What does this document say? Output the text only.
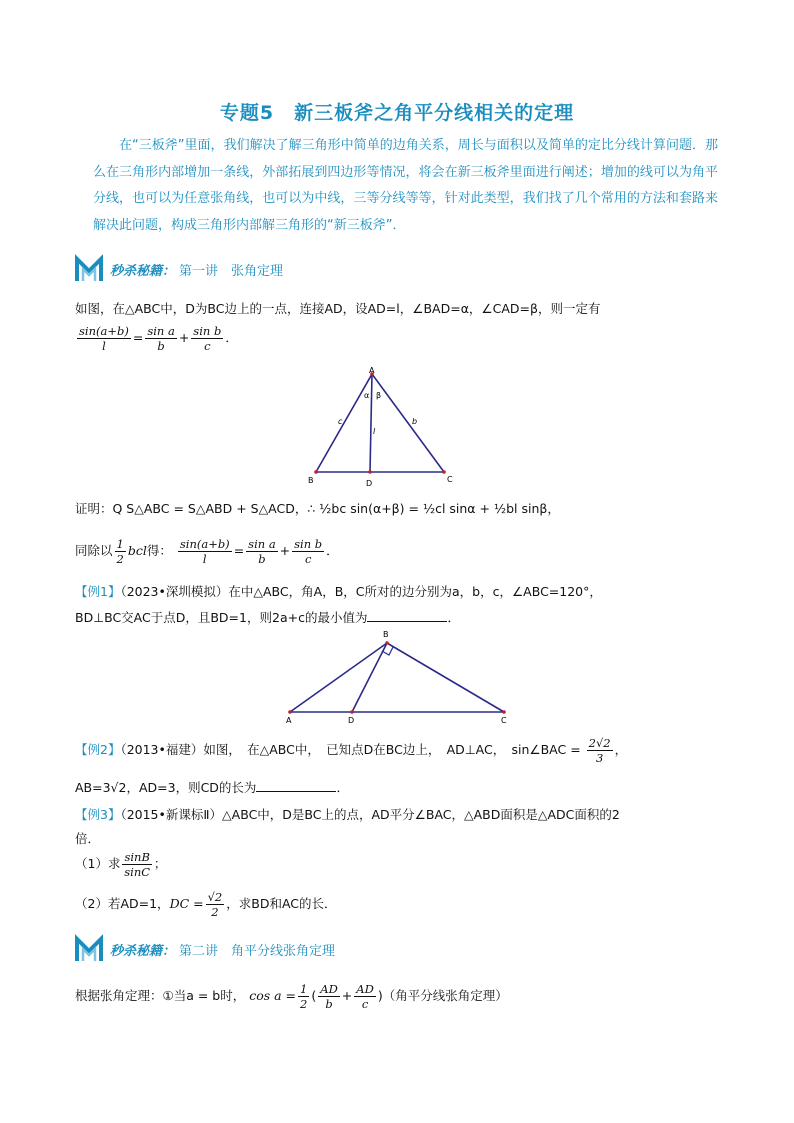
专题5　新三板斧之角平分线相关的定理
在“三板斧”里面，我们解决了解三角形中简单的边角关系，周长与面积以及简单的定比分线计算问题．那么在三角形内部增加一条线，外部拓展到四边形等情况，将会在新三板斧里面进行阐述；增加的线可以为角平分线，也可以为任意张角线，也可以为中线，三等分线等等，针对此类型，我们找了几个常用的方法和套路来解决此问题，构成三角形内部解三角形的“新三板斧”．
秒杀秘籍： 第一讲　张角定理
如图，在△ABC中，D为BC边上的一点，连接AD，设AD=l，∠BAD=α，∠CAD=β，则一定有
$\frac{\sin(a+b)}{l} = \frac{\text{sin a}}{b} + \frac{\text{sin b}}{c}$ ．
A
B	C
D
α β
c	b
l
证明：Q S△ABC = S△ABD + S△ACD，∴ ½bc sin(α+β) = ½cl sinα + ½bl sinβ，
同除以 $\frac{1}{2}$ bcl得： $\frac{\sin(a+b)}{l} = \frac{\text{sin a}}{b} + \frac{\text{sin b}}{c}$ ．
【例1】（2023•深圳模拟）在中△ABC，角A，B，C所对的边分别为a，b，c，∠ABC=120°，
BD⊥BC交AC于点D，且BD=1，则2a+c的最小值为	．
B
A	D	C
【例2】（2013•福建）如图，　在△ABC中，　已知点D在BC边上，　AD⊥AC，　sin∠BAC = $\frac{2√2}{3}$ ，
AB=3√2，AD=3，则CD的长为	．
【例3】（2015•新课标Ⅱ）△ABC中，D是BC上的点，AD平分∠BAC，△ABD面积是△ADC面积的2
倍．
（1）求 $\frac{\sin B}{\sin C}$ ；
（2）若AD=1，DC = $\frac{√2}{2}$ ，求BD和AC的长．
秒杀秘籍： 第二讲　角平分线张角定理
根据张角定理：①当a = b时， $\cos a = \frac{1}{2}$ ( $\frac{AD}{b} + \frac{AD}{c}$ )（角平分线张角定理）
